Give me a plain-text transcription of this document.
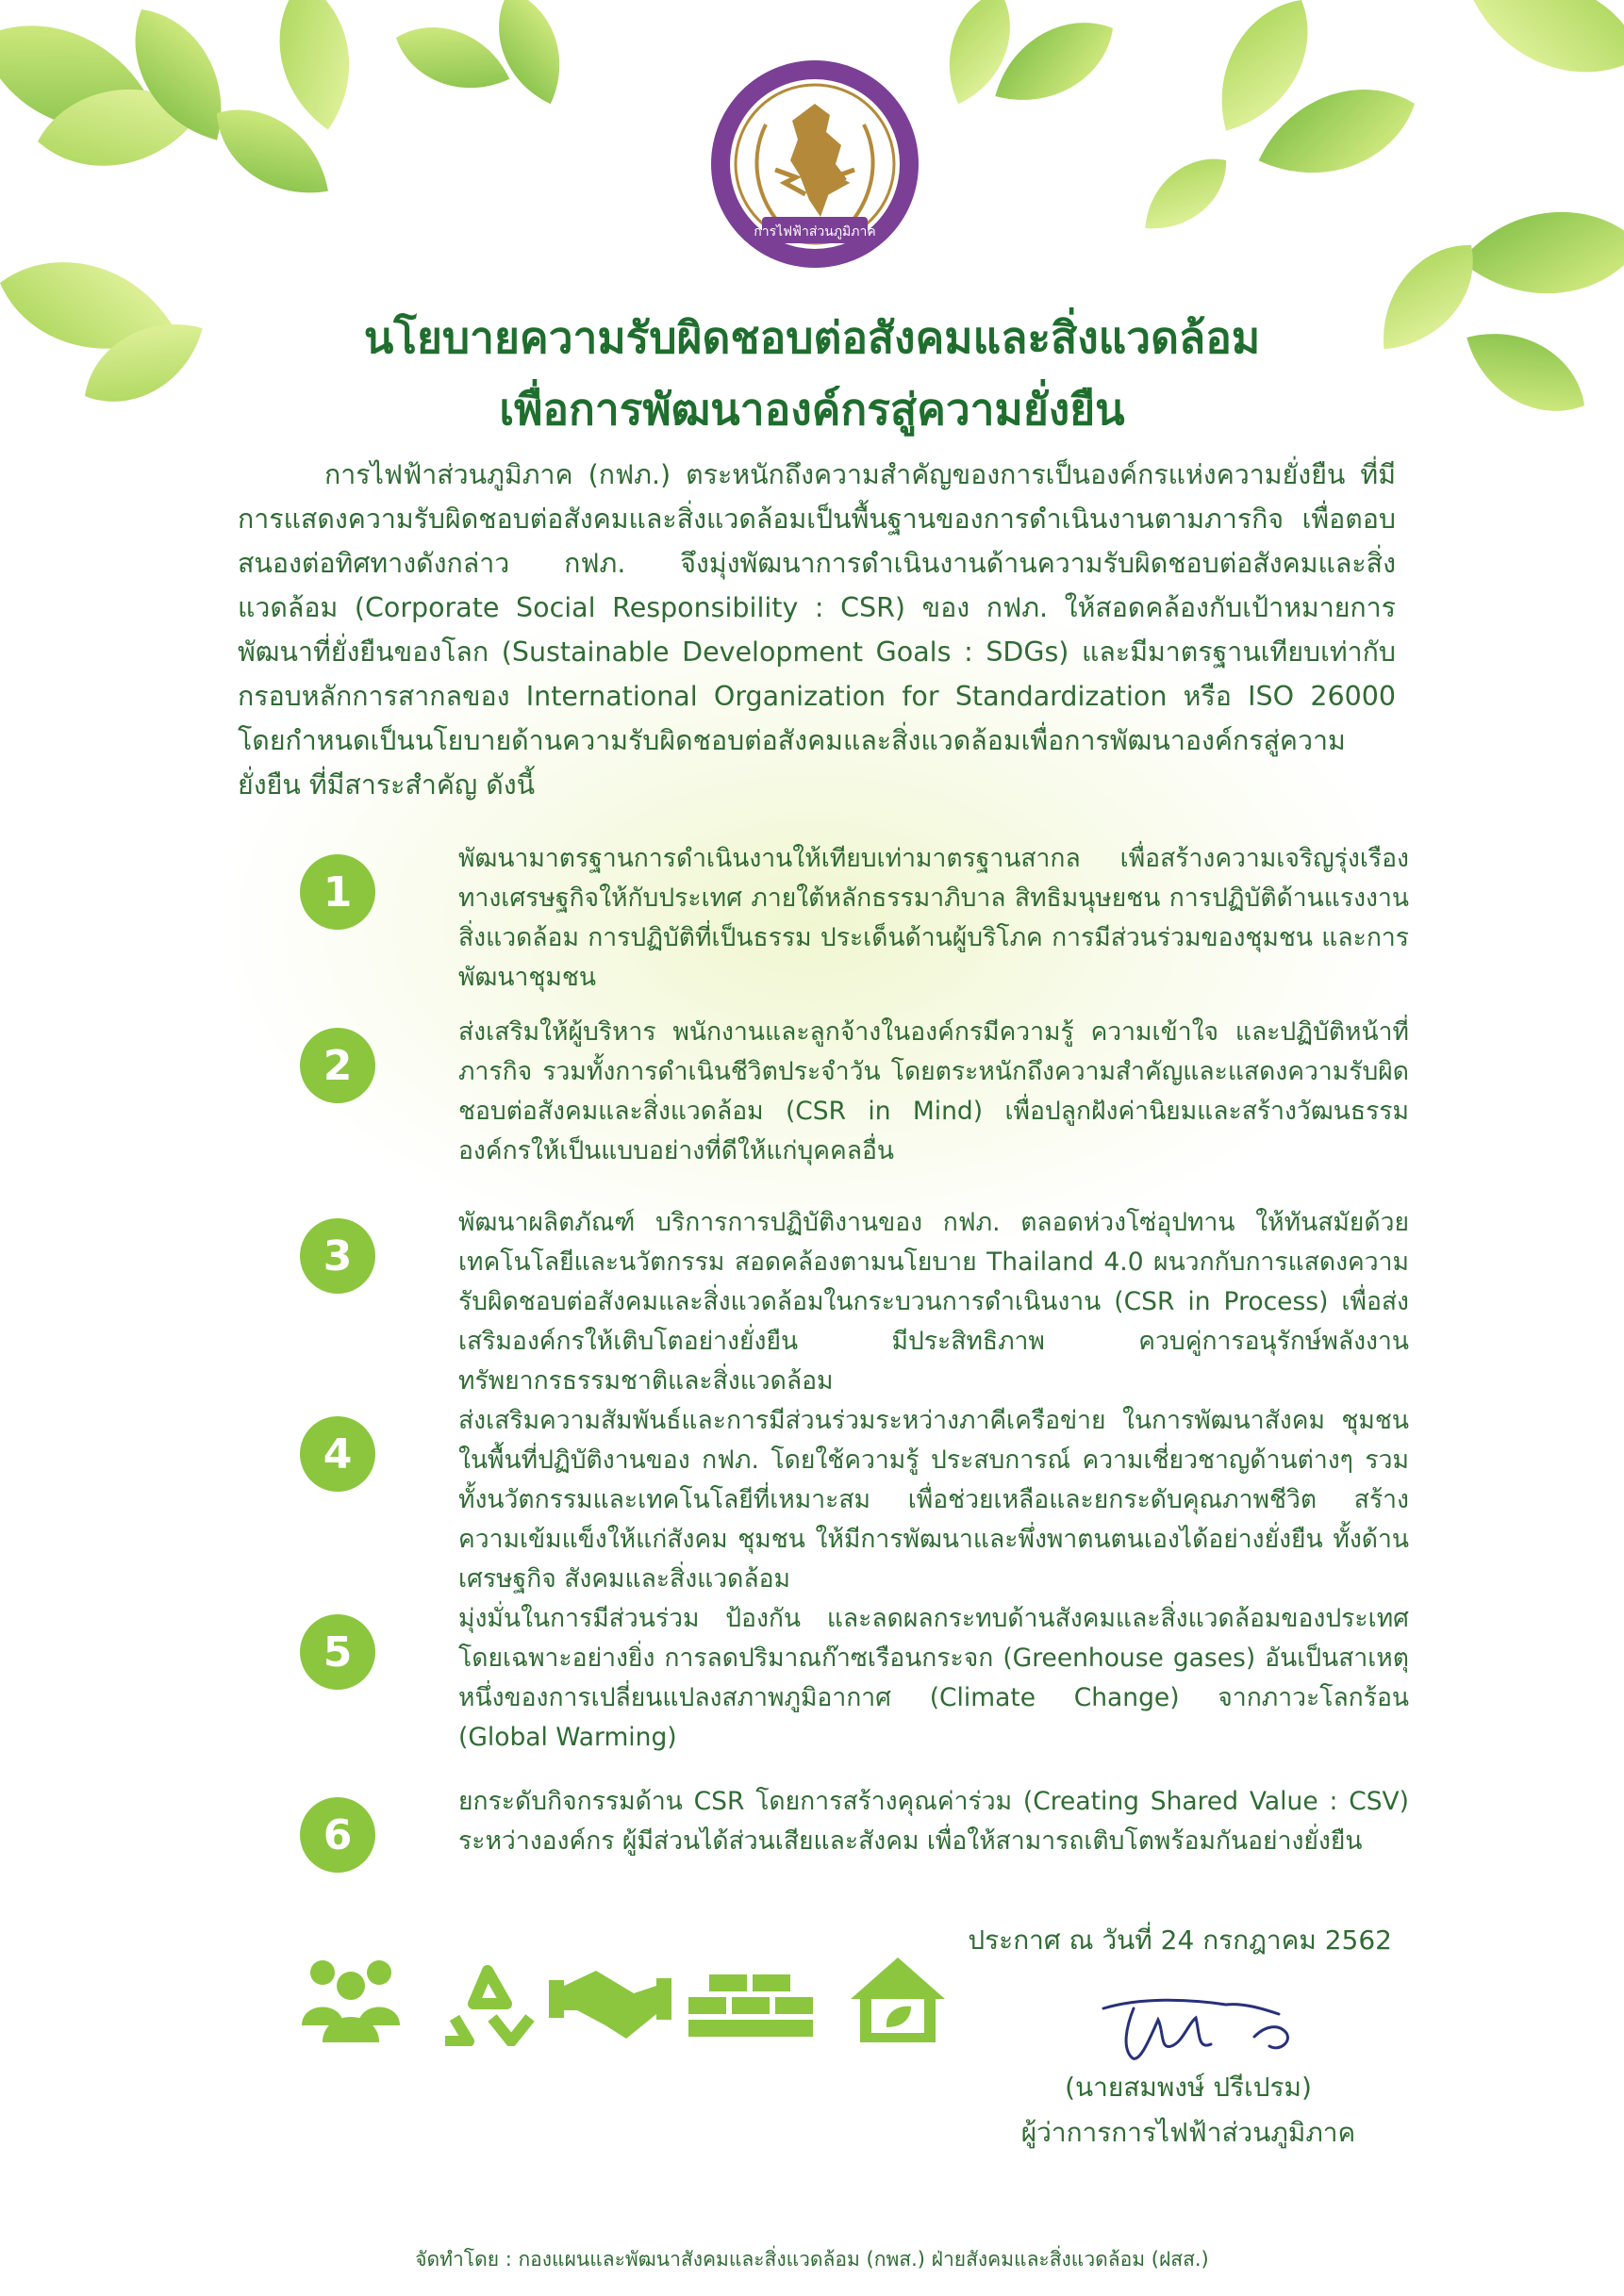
การไฟฟ้าส่วนภูมิภาค
นโยบายความรับผิดชอบต่อสังคมและสิ่งแวดล้อม
เพื่อการพัฒนาองค์กรสู่ความยั่งยืน

การไฟฟ้าส่วนภูมิภาค (กฟภ.) ตระหนักถึงความสำคัญของการเป็นองค์กรแห่งความยั่งยืน ที่มีการแสดงความรับผิดชอบต่อสังคมและสิ่งแวดล้อมเป็นพื้นฐานของการดำเนินงานตามภารกิจ เพื่อตอบสนองต่อทิศทางดังกล่าว กฟภ. จึงมุ่งพัฒนาการดำเนินงานด้านความรับผิดชอบต่อสังคมและสิ่งแวดล้อม (Corporate Social Responsibility : CSR) ของ กฟภ. ให้สอดคล้องกับเป้าหมายการพัฒนาที่ยั่งยืนของโลก (Sustainable Development Goals : SDGs) และมีมาตรฐานเทียบเท่ากับกรอบหลักการสากลของ International Organization for Standardization หรือ ISO 26000 โดยกำหนดเป็นนโยบายด้านความรับผิดชอบต่อสังคมและสิ่งแวดล้อมเพื่อการพัฒนาองค์กรสู่ความยั่งยืน ที่มีสาระสำคัญ ดังนี้

1
พัฒนามาตรฐานการดำเนินงานให้เทียบเท่ามาตรฐานสากล เพื่อสร้างความเจริญรุ่งเรืองทางเศรษฐกิจให้กับประเทศ ภายใต้หลักธรรมาภิบาล สิทธิมนุษยชน การปฏิบัติด้านแรงงาน สิ่งแวดล้อม การปฏิบัติที่เป็นธรรม ประเด็นด้านผู้บริโภค การมีส่วนร่วมของชุมชน และการพัฒนาชุมชน
2
ส่งเสริมให้ผู้บริหาร พนักงานและลูกจ้างในองค์กรมีความรู้ ความเข้าใจ และปฏิบัติหน้าที่ภารกิจ รวมทั้งการดำเนินชีวิตประจำวัน โดยตระหนักถึงความสำคัญและแสดงความรับผิดชอบต่อสังคมและสิ่งแวดล้อม (CSR in Mind) เพื่อปลูกฝังค่านิยมและสร้างวัฒนธรรมองค์กรให้เป็นแบบอย่างที่ดีให้แก่บุคคลอื่น
3
พัฒนาผลิตภัณฑ์ บริการการปฏิบัติงานของ กฟภ. ตลอดห่วงโซ่อุปทาน ให้ทันสมัยด้วยเทคโนโลยีและนวัตกรรม สอดคล้องตามนโยบาย Thailand 4.0 ผนวกกับการแสดงความรับผิดชอบต่อสังคมและสิ่งแวดล้อมในกระบวนการดำเนินงาน (CSR in Process) เพื่อส่งเสริมองค์กรให้เติบโตอย่างยั่งยืน มีประสิทธิภาพ ควบคู่การอนุรักษ์พลังงานทรัพยากรธรรมชาติและสิ่งแวดล้อม
4
ส่งเสริมความสัมพันธ์และการมีส่วนร่วมระหว่างภาคีเครือข่าย ในการพัฒนาสังคม ชุมชนในพื้นที่ปฏิบัติงานของ กฟภ. โดยใช้ความรู้ ประสบการณ์ ความเชี่ยวชาญด้านต่างๆ รวมทั้งนวัตกรรมและเทคโนโลยีที่เหมาะสม เพื่อช่วยเหลือและยกระดับคุณภาพชีวิต สร้างความเข้มแข็งให้แก่สังคม ชุมชน ให้มีการพัฒนาและพึ่งพาตนตนเองได้อย่างยั่งยืน ทั้งด้านเศรษฐกิจ สังคมและสิ่งแวดล้อม
5
มุ่งมั่นในการมีส่วนร่วม ป้องกัน และลดผลกระทบด้านสังคมและสิ่งแวดล้อมของประเทศ โดยเฉพาะอย่างยิ่ง การลดปริมาณก๊าซเรือนกระจก (Greenhouse gases) อันเป็นสาเหตุหนึ่งของการเปลี่ยนแปลงสภาพภูมิอากาศ (Climate Change) จากภาวะโลกร้อน (Global Warming)
6
ยกระดับกิจกรรมด้าน CSR โดยการสร้างคุณค่าร่วม (Creating Shared Value : CSV) ระหว่างองค์กร ผู้มีส่วนได้ส่วนเสียและสังคม เพื่อให้สามารถเติบโตพร้อมกันอย่างยั่งยืน
ประกาศ ณ วันที่ 24 กรกฎาคม 2562
(นายสมพงษ์ ปรีเปรม)
ผู้ว่าการการไฟฟ้าส่วนภูมิภาค
จัดทำโดย : กองแผนและพัฒนาสังคมและสิ่งแวดล้อม (กพส.) ฝ่ายสังคมและสิ่งแวดล้อม (ฝสส.)
